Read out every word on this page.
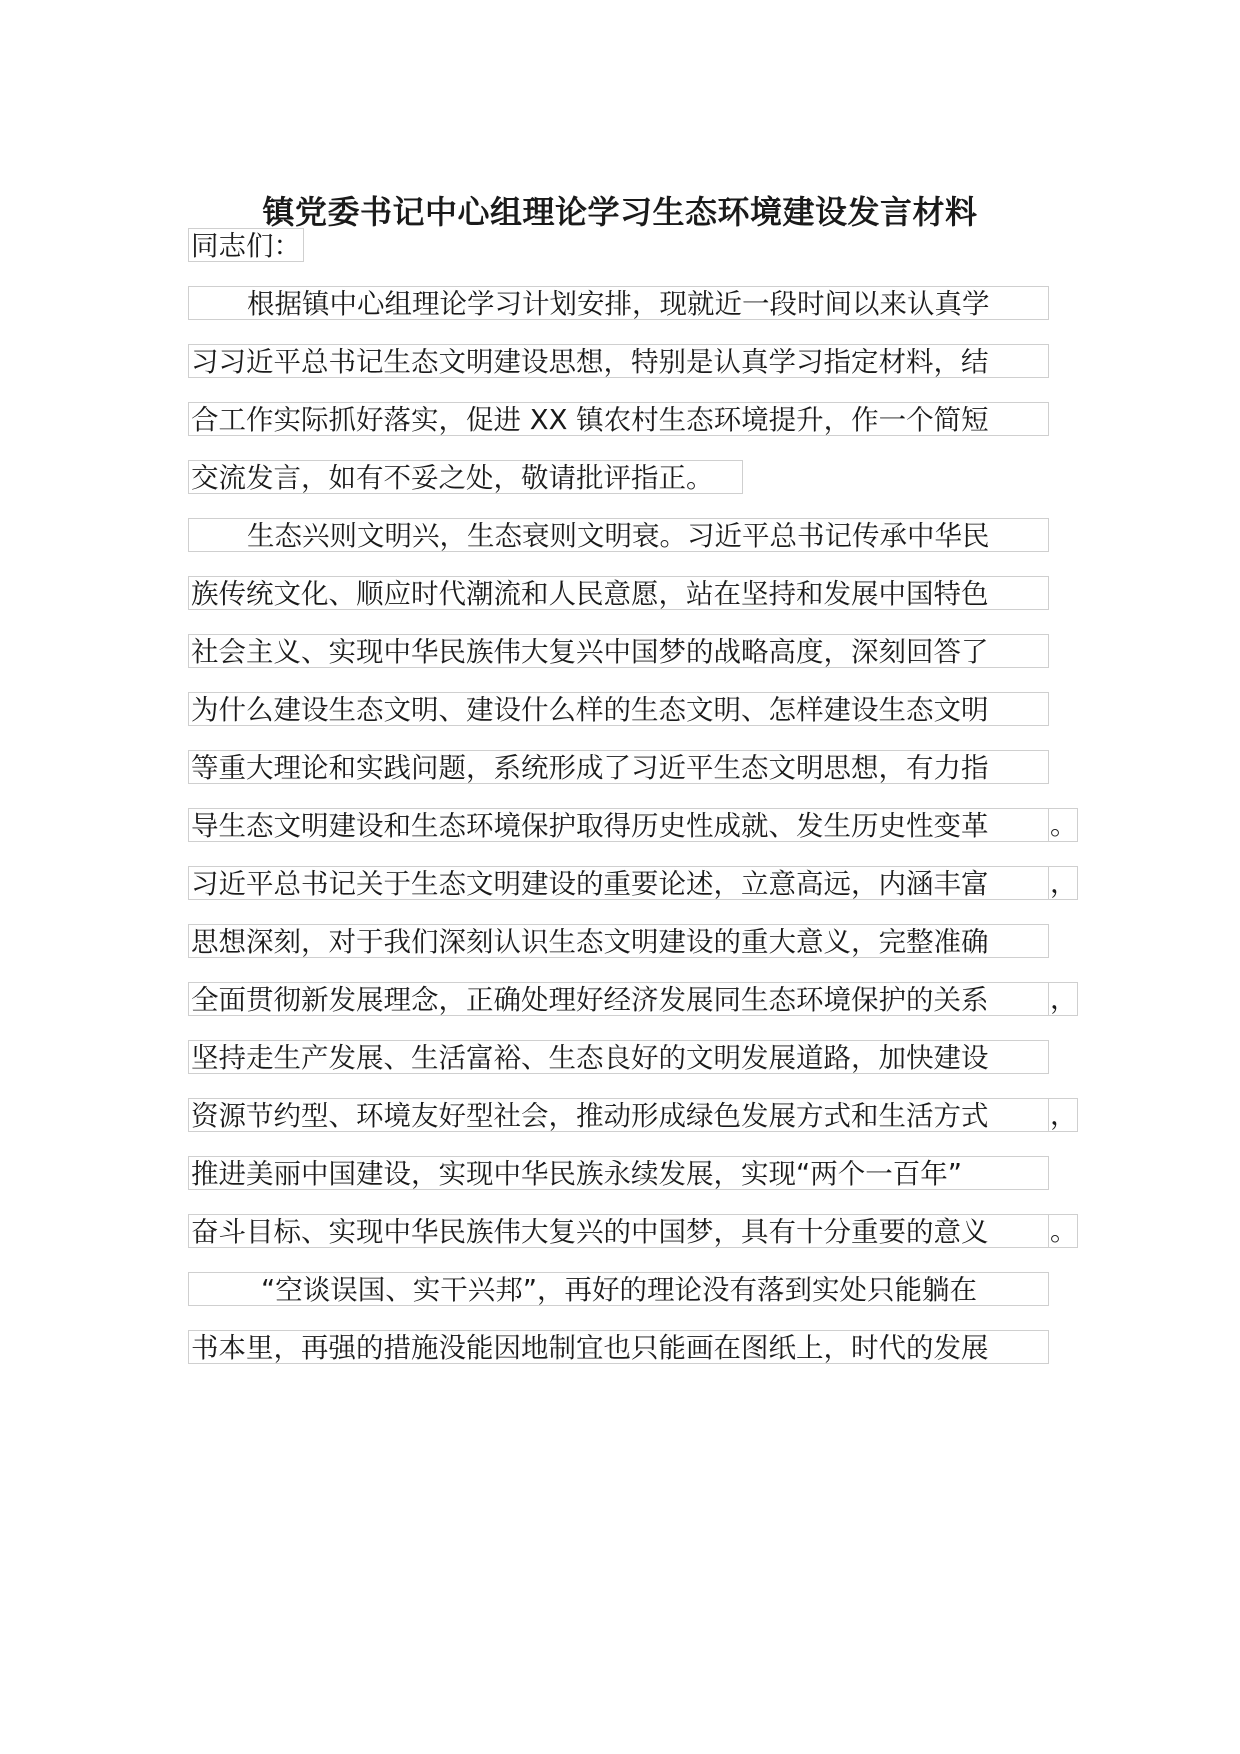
镇党委书记中心组理论学习生态环境建设发言材料
同志们：
根据镇中心组理论学习计划安排，现就近一段时间以来认真学
习习近平总书记生态文明建设思想，特别是认真学习指定材料，结
合工作实际抓好落实，促进 XX 镇农村生态环境提升，作一个简短
交流发言，如有不妥之处，敬请批评指正。
生态兴则文明兴，生态衰则文明衰。习近平总书记传承中华民
族传统文化、顺应时代潮流和人民意愿，站在坚持和发展中国特色
社会主义、实现中华民族伟大复兴中国梦的战略高度，深刻回答了
为什么建设生态文明、建设什么样的生态文明、怎样建设生态文明
等重大理论和实践问题，系统形成了习近平生态文明思想，有力指
导生态文明建设和生态环境保护取得历史性成就、发生历史性变革	。
习近平总书记关于生态文明建设的重要论述，立意高远，内涵丰富	，
思想深刻，对于我们深刻认识生态文明建设的重大意义，完整准确
全面贯彻新发展理念，正确处理好经济发展同生态环境保护的关系	，
坚持走生产发展、生活富裕、生态良好的文明发展道路，加快建设
资源节约型、环境友好型社会，推动形成绿色发展方式和生活方式	，
推进美丽中国建设，实现中华民族永续发展，实现“两个一百年”
奋斗目标、实现中华民族伟大复兴的中国梦，具有十分重要的意义	。
“空谈误国、实干兴邦”，再好的理论没有落到实处只能躺在
书本里，再强的措施没能因地制宜也只能画在图纸上，时代的发展
